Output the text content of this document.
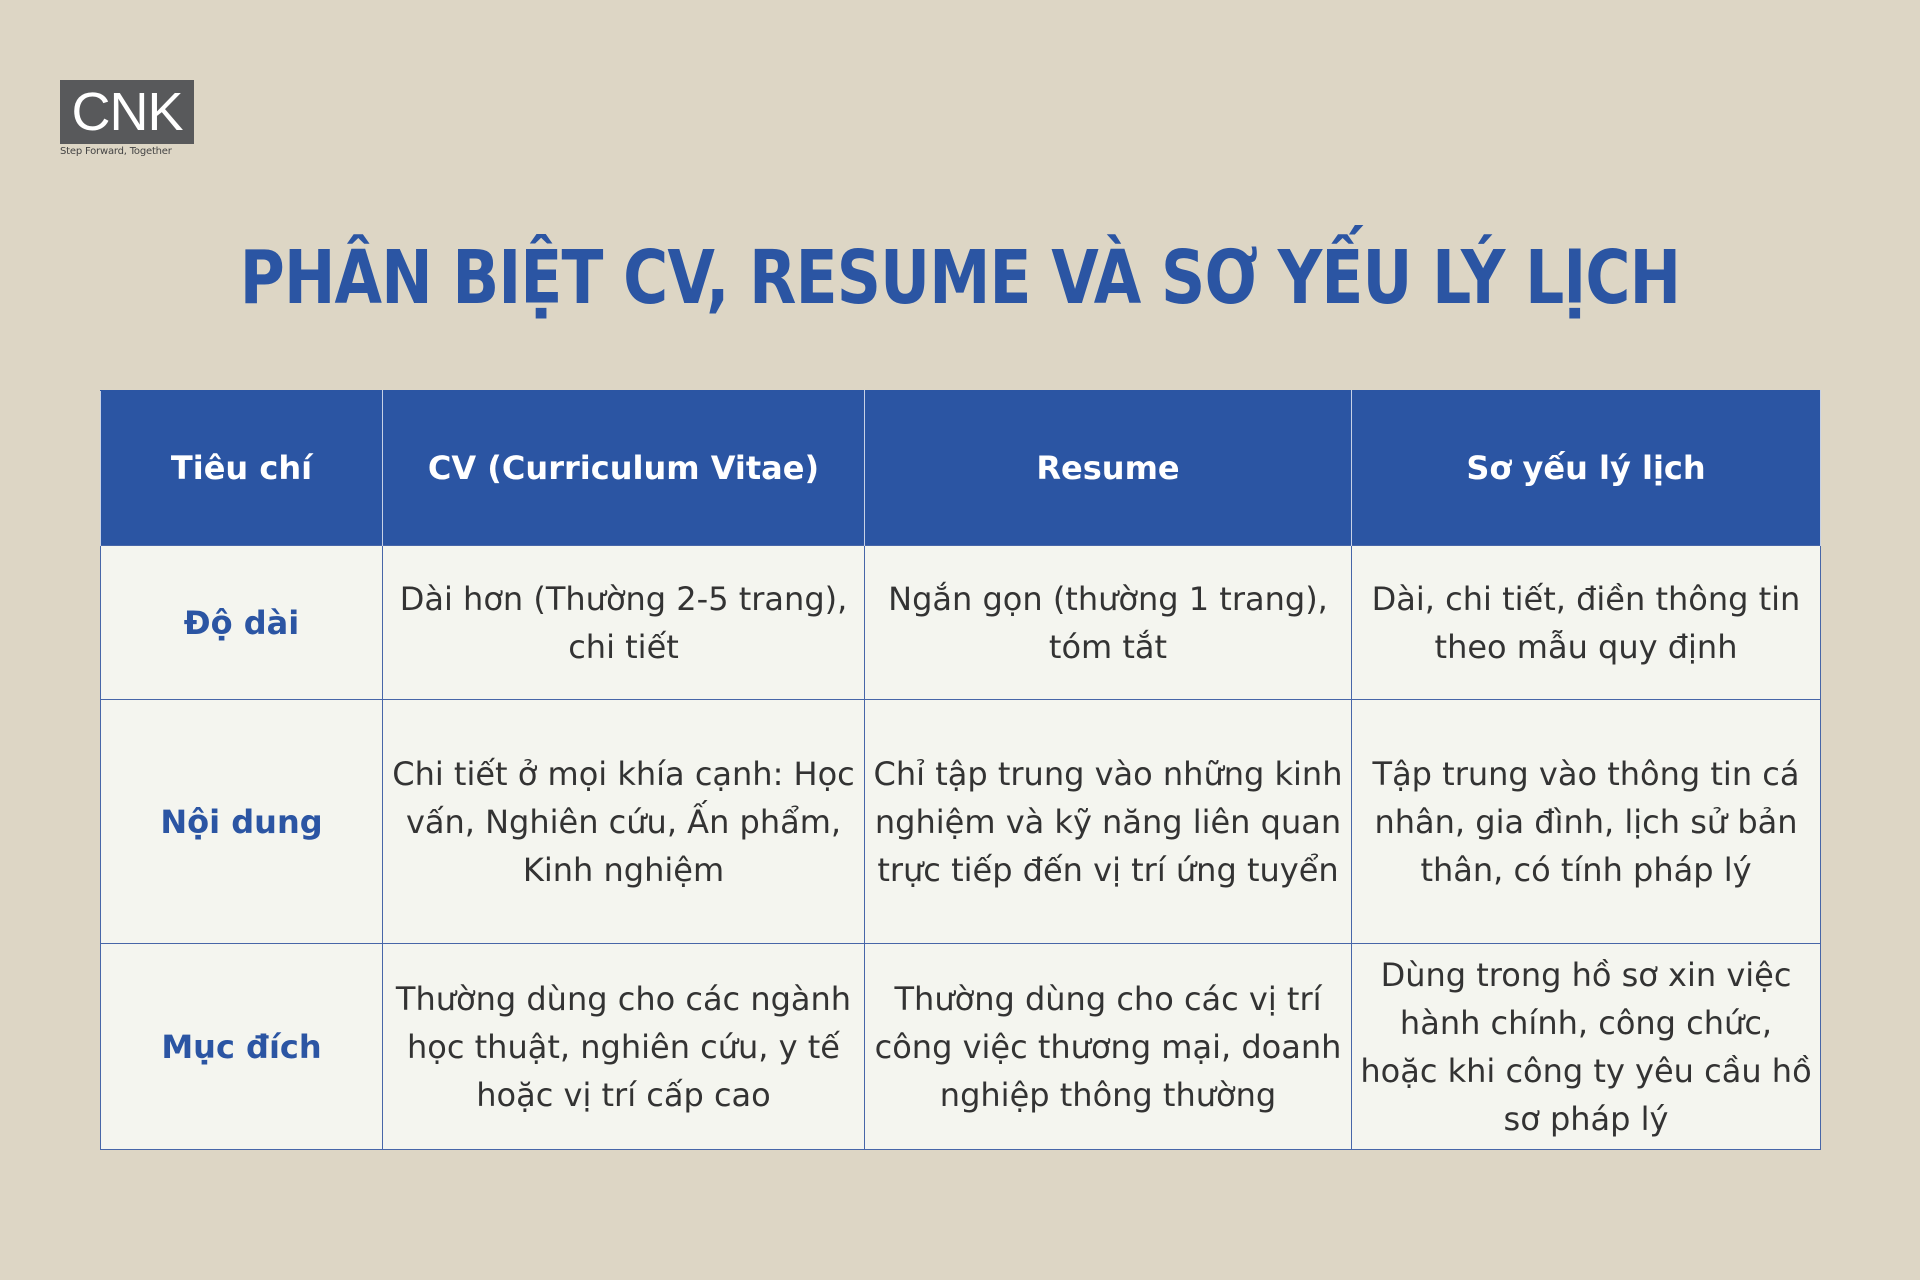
CNK
Step Forward, Together
PHÂN BIỆT CV, RESUME VÀ SƠ YẾU LÝ LỊCH
Tiêu chí	CV (Curriculum Vitae)	Resume	Sơ yếu lý lịch
Độ dài	Dài hơn (Thường 2-5 trang), chi tiết	Ngắn gọn (thường 1 trang), tóm tắt	Dài, chi tiết, điền thông tin theo mẫu quy định
Nội dung	Chi tiết ở mọi khía cạnh: Học vấn, Nghiên cứu, Ấn phẩm, Kinh nghiệm	Chỉ tập trung vào những kinh nghiệm và kỹ năng liên quan trực tiếp đến vị trí ứng tuyển	Tập trung vào thông tin cá nhân, gia đình, lịch sử bản thân, có tính pháp lý
Mục đích	Thường dùng cho các ngành học thuật, nghiên cứu, y tế hoặc vị trí cấp cao	Thường dùng cho các vị trí công việc thương mại, doanh nghiệp thông thường	Dùng trong hồ sơ xin việc hành chính, công chức, hoặc khi công ty yêu cầu hồ sơ pháp lý
